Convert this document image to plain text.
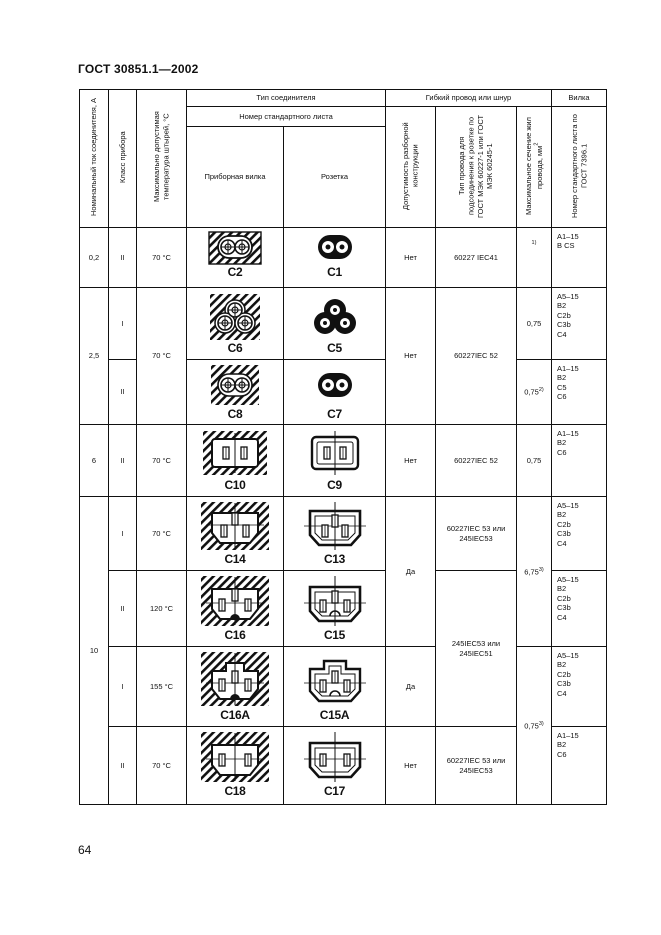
ГОСТ 30851.1—2002
Номинальный ток соединителя, А	Класс прибора	Максимально допустимая температура штырей, °С	Тип соединителя		Гибкий провод или шнур			Вилка
			Номер стандартного листа		Допустимость разборной конструкции	Тип провода для подсоединения к розетке по ГОСТ МЭК 60227-1 или ГОСТ МЭК 60245-1	Максимальное сечение жил провода, $мм^2$	Номер стандартного листа по ГОСТ 7396.1
			Приборная вилка	Розетка				
0,2	II	70 °С	C2	C1	Нет	60227 IEC41	$^{1)}$	A1–15
B CS
2,5	I	70 °С	C6	C5	Нет	60227IEC 52	0,75	A5–15
B2
C2b
C3b
C4
	II		C8	C7			0,75$^{2)}$	A1–15
B2
C5
C6
6	II	70 °С	C10	C9	Нет	60227IEC 52	0,75	A1–15
B2
C6
10	I	70 °С	C14	C13	Да	60227IEC 53 или 245IEC53	6,75$^{3)}$	A5–15
B2
C2b
C3b
C4
	II	120 °С	C16	C15		245IEC53 или 245IEC51		A5–15
B2
C2b
C3b
C4
	I	155 °С	C16A	C15A	Да		0,75$^{3)}$	A5–15
B2
C2b
C3b
C4
	II	70 °С	C18	C17	Нет	60227IEC 53 или 245IEC53		A1–15
B2
C6
64
